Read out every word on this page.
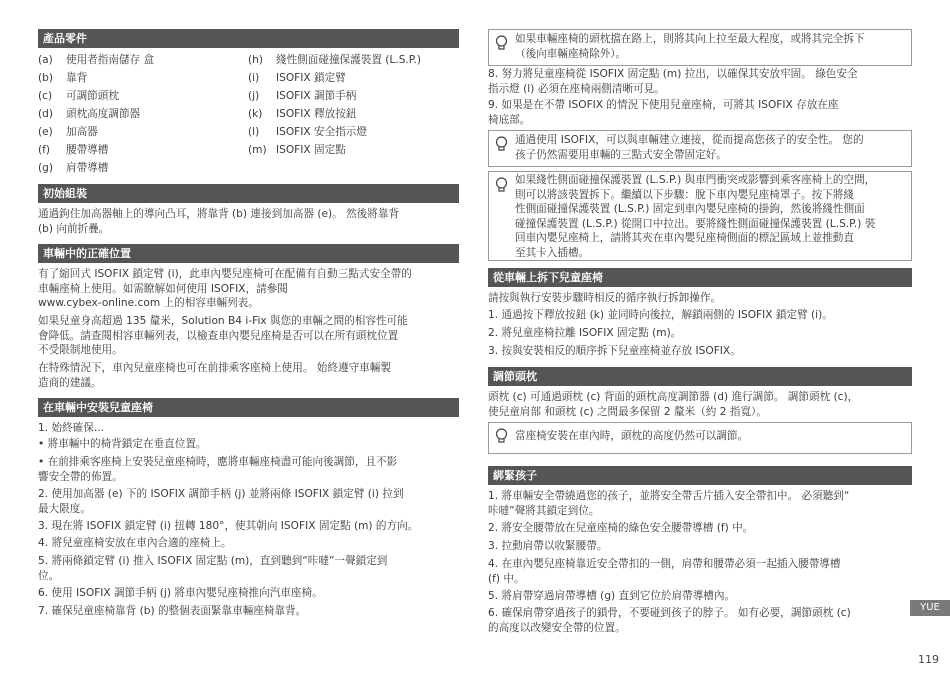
產品零件
(a) 使用者指南儲存 盒
(b) 靠背
(c) 可調節頭枕
(d) 頭枕高度調節器
(e) 加高器
(f) 腰帶導槽
(g) 肩帶導槽
(h) 綫性側面碰撞保護裝置 (L.S.P.)
(i) ISOFIX 鎖定臂
(j) ISOFIX 調節手柄
(k) ISOFIX 釋放按鈕
(l) ISOFIX 安全指示燈
(m) ISOFIX 固定點
初始組裝
通過鉤住加高器軸上的導向凸耳，將靠背 (b) 連接到加高器 (e)。 然後將靠背
(b) 向前折疊。
車輛中的正確位置
有了縮回式 ISOFIX 鎖定臂 (i)，此車內嬰兒座椅可在配備有自動三點式安全帶的
車輛座椅上使用。如需瞭解如何使用 ISOFIX，請參閱
www.cybex-online.com 上的相容車輛列表。
如果兒童身高超過 135 釐米，Solution B4 i-Fix 與您的車輛之間的相容性可能
會降低。請查閱相容車輛列表，以檢查車內嬰兒座椅是否可以在所有頭枕位置
不受限制地使用。
在特殊情況下，車內兒童座椅也可在前排乘客座椅上使用。 始終遵守車輛製
造商的建議。
在車輛中安裝兒童座椅
1. 始終確保...
• 將車輛中的椅背鎖定在垂直位置。
• 在前排乘客座椅上安裝兒童座椅時，應將車輛座椅盡可能向後調節，且不影
響安全帶的佈置。
2. 使用加高器 (e) 下的 ISOFIX 調節手柄 (j) 並將兩條 ISOFIX 鎖定臂 (i) 拉到
最大限度。
3. 現在將 ISOFIX 鎖定臂 (i) 扭轉 180°，使其朝向 ISOFIX 固定點 (m) 的方向。
4. 將兒童座椅安放在車內合適的座椅上。
5. 將兩條鎖定臂 (i) 推入 ISOFIX 固定點 (m)，直到聽到“咔噠”一聲鎖定到
位。
6. 使用 ISOFIX 調節手柄 (j) 將車內嬰兒座椅推向汽車座椅。
7. 確保兒童座椅靠背 (b) 的整個表面緊靠車輛座椅靠背。
如果車輛座椅的頭枕擋在路上，則將其向上拉至最大程度，或將其完全拆下
（後向車輛座椅除外）。
8. 努力將兒童座椅從 ISOFIX 固定點 (m) 拉出，以確保其安放牢固。 綠色安全
指示燈 (l) 必須在座椅兩側清晰可見。
9. 如果是在不帶 ISOFIX 的情況下使用兒童座椅，可將其 ISOFIX 存放在座
椅底部。
通過使用 ISOFIX，可以與車輛建立連接，從而提高您孩子的安全性。 您的
孩子仍然需要用車輛的三點式安全帶固定好。
如果綫性側面碰撞保護裝置 (L.S.P.) 與車門衝突或影響到乘客座椅上的空間，
則可以將該裝置拆下。繼續以下步驟：脫下車內嬰兒座椅罩子。按下將綫
性側面碰撞保護裝置 (L.S.P.) 固定到車內嬰兒座椅的掛鉤，然後將綫性側面
碰撞保護裝置 (L.S.P.) 從開口中拉出。要將綫性側面碰撞保護裝置 (L.S.P.) 裝
回車內嬰兒座椅上，請將其夾在車內嬰兒座椅側面的標記區域上並推動直
至其卡入插槽。
從車輛上拆下兒童座椅
請按與執行安裝步驟時相反的循序執行拆卸操作。
1. 通過按下釋放按鈕 (k) 並同時向後拉，解鎖兩側的 ISOFIX 鎖定臂 (i)。
2. 將兒童座椅拉離 ISOFIX 固定點 (m)。
3. 按與安裝相反的順序拆下兒童座椅並存放 ISOFIX。
調節頭枕
頭枕 (c) 可通過頭枕 (c) 背面的頭枕高度調節器 (d) 進行調節。 調節頭枕 (c)，
使兒童肩部 和頭枕 (c) 之間最多保留 2 釐米（約 2 指寬）。
當座椅安裝在車內時，頭枕的高度仍然可以調節。
綁緊孩子
1. 將車輛安全帶繞過您的孩子，並將安全帶舌片插入安全帶扣中。 必須聽到“
咔噠”聲將其鎖定到位。
2. 將安全腰帶放在兒童座椅的綠色安全腰帶導槽 (f) 中。
3. 拉動肩帶以收緊腰帶。
4. 在車內嬰兒座椅靠近安全帶扣的一側，肩帶和腰帶必須一起插入腰帶導槽
(f) 中。
5. 將肩帶穿過肩帶導槽 (g) 直到它位於肩帶導槽內。
6. 確保肩帶穿過孩子的鎖骨，不要碰到孩子的脖子。 如有必要，調節頭枕 (c)
的高度以改變安全帶的位置。
YUE
119
